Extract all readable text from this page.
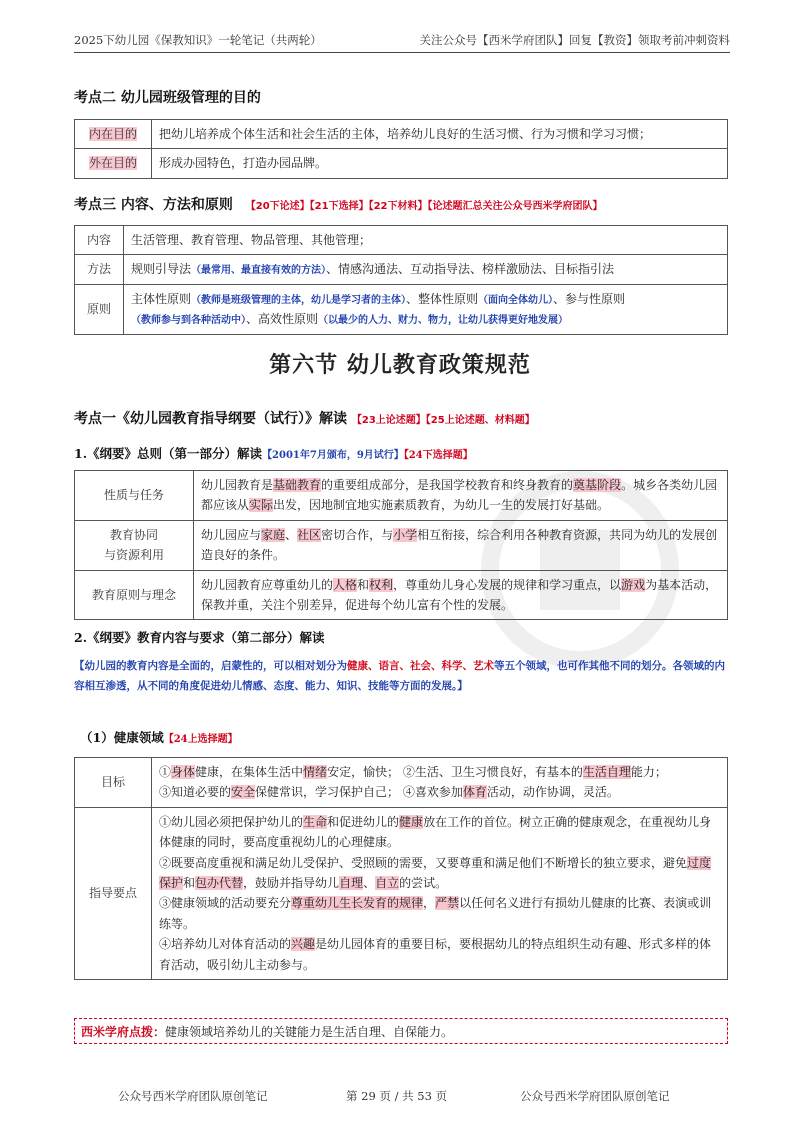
2025下幼儿园《保教知识》一轮笔记（共两轮）	关注公众号【西米学府团队】回复【教资】领取考前冲刺资料
考点二 幼儿园班级管理的目的
内在目的	把幼儿培养成个体生活和社会生活的主体，培养幼儿良好的生活习惯、行为习惯和学习习惯；
外在目的	形成办园特色，打造办园品牌。
考点三 内容、方法和原则 【20下论述】【21下选择】【22下材料】【论述题汇总关注公众号西米学府团队】
内容	生活管理、教育管理、物品管理、其他管理；
方法	规则引导法（最常用、最直接有效的方法）、情感沟通法、互动指导法、榜样激励法、目标指引法
原则	主体性原则（教师是班级管理的主体，幼儿是学习者的主体）、整体性原则（面向全体幼儿）、参与性原则
（教师参与到各种活动中）、高效性原则（以最少的人力、财力、物力，让幼儿获得更好地发展）
第六节 幼儿教育政策规范
考点一《幼儿园教育指导纲要（试行）》解读 【23上论述题】【25上论述题、材料题】
1.《纲要》总则（第一部分）解读【2001年7月颁布，9月试行】【24下选择题】
性质与任务	幼儿园教育是基础教育的重要组成部分，是我国学校教育和终身教育的奠基阶段。城乡各类幼儿园都应该从实际出发，因地制宜地实施素质教育，为幼儿一生的发展打好基础。
教育协同
与资源利用	幼儿园应与家庭、社区密切合作，与小学相互衔接，综合利用各种教育资源，共同为幼儿的发展创造良好的条件。
教育原则与理念	幼儿园教育应尊重幼儿的人格和权利，尊重幼儿身心发展的规律和学习重点，以游戏为基本活动，保教并重，关注个别差异，促进每个幼儿富有个性的发展。
2.《纲要》教育内容与要求（第二部分）解读
【幼儿园的教育内容是全面的，启蒙性的，可以相对划分为健康、语言、社会、科学、艺术等五个领域，也可作其他不同的划分。各领域的内容相互渗透，从不同的角度促进幼儿情感、态度、能力、知识、技能等方面的发展。】
（1）健康领域【24上选择题】
目标	①身体健康，在集体生活中情绪安定，愉快； ②生活、卫生习惯良好，有基本的生活自理能力；
③知道必要的安全保健常识，学习保护自己； ④喜欢参加体育活动，动作协调，灵活。

指导要点	①幼儿园必须把保护幼儿的生命和促进幼儿的健康放在工作的首位。树立正确的健康观念，在重视幼儿身体健康的同时，要高度重视幼儿的心理健康。
②既要高度重视和满足幼儿受保护、受照顾的需要，又要尊重和满足他们不断增长的独立要求，避免过度保护和包办代替，鼓励并指导幼儿自理、自立的尝试。
③健康领域的活动要充分尊重幼儿生长发育的规律，严禁以任何名义进行有损幼儿健康的比赛、表演或训练等。
④培养幼儿对体育活动的兴趣是幼儿园体育的重要目标，要根据幼儿的特点组织生动有趣、形式多样的体育活动，吸引幼儿主动参与。
西米学府点拨：健康领域培养幼儿的关键能力是生活自理、自保能力。
公众号西米学府团队原创笔记	第 29 页 / 共 53 页	公众号西米学府团队原创笔记
